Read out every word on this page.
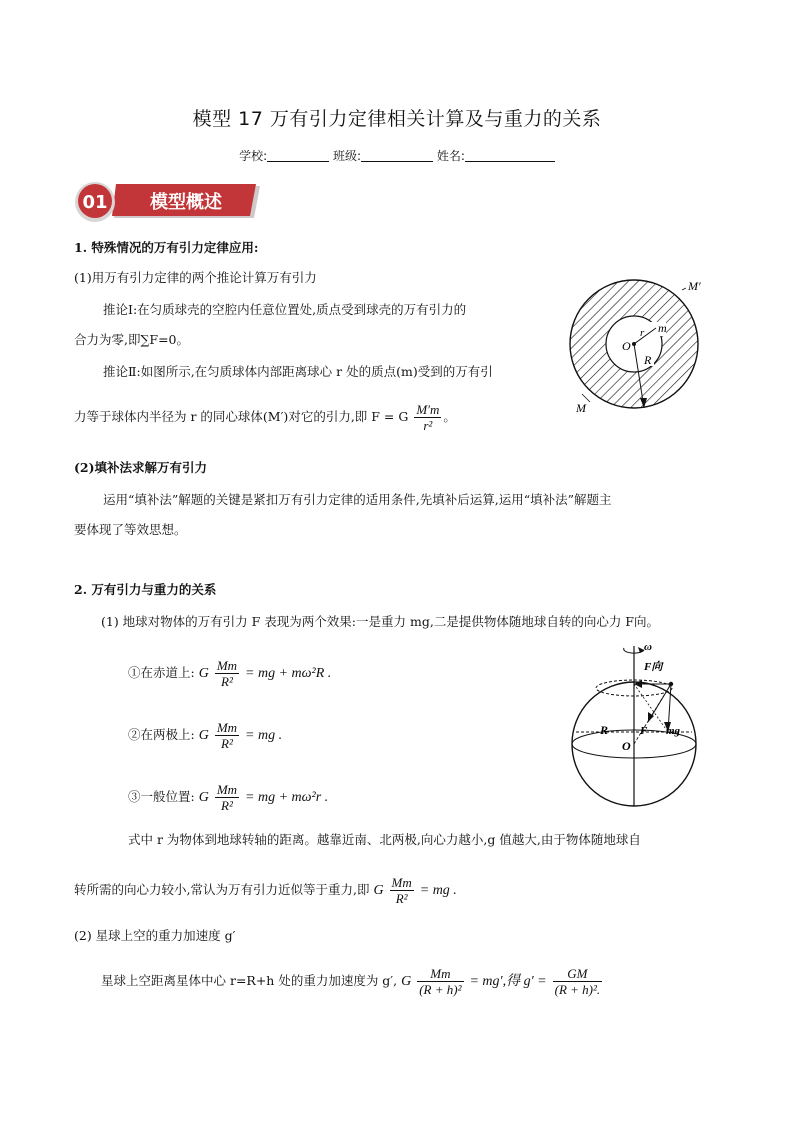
模型 17 万有引力定律相关计算及与重力的关系
学校:	班级:	姓名:
01 模型概述
1. 特殊情况的万有引力定律应用:
(1)用万有引力定律的两个推论计算万有引力
推论Ⅰ:在匀质球壳的空腔内任意位置处,质点受到球壳的万有引力的
合力为零,即∑F=0。
推论Ⅱ:如图所示,在匀质球体内部距离球心 r 处的质点(m)受到的万有引
力等于球体内半径为 r 的同心球体(M′)对它的引力,即 F = G $\frac{M'm}{\text{r²}}$ 。
M′
M
O
r m
R
(2)填补法求解万有引力
运用“填补法”解题的关键是紧扣万有引力定律的适用条件,先填补后运算,运用“填补法”解题主
要体现了等效思想。
2. 万有引力与重力的关系
(1) 地球对物体的万有引力 F 表现为两个效果:一是重力 mg,二是提供物体随地球自转的向心力 F向。
①在赤道上: G $\frac{Mm}{\text{R²}}$ = mg + mω²R .
②在两极上: G $\frac{Mm}{\text{R²}}$ = mg .
③一般位置: G $\frac{Mm}{\text{R²}}$ = mg + mω²r .
ω
F向
R
O
F mg
式中 r 为物体到地球转轴的距离。越靠近南、北两极,向心力越小,g 值越大,由于物体随地球自
转所需的向心力较小,常认为万有引力近似等于重力,即 G $\frac{Mm}{\text{R²}}$ = mg .
(2) 星球上空的重力加速度 g′
星球上空距离星体中心 r=R+h 处的重力加速度为 g′, G $\frac{Mm}{\text{(R + h)²}} = mg'$,得 $g' = \frac{GM}{\text{(R + h)².}}$
